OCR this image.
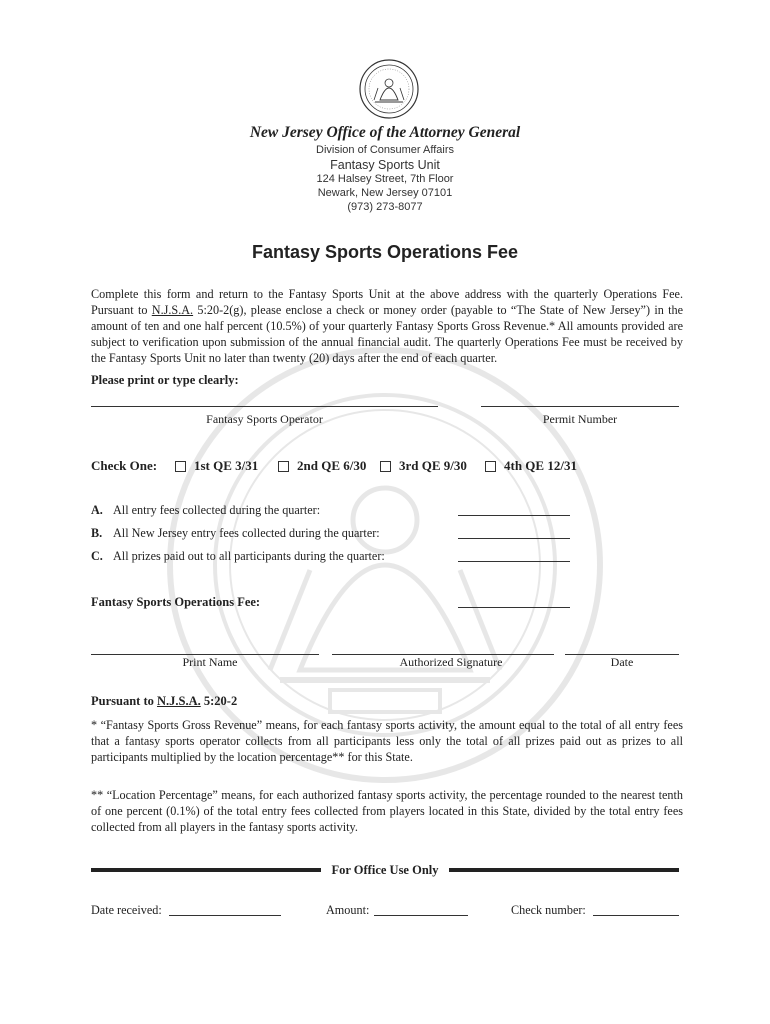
New Jersey Office of the Attorney General
Division of Consumer Affairs
Fantasy Sports Unit
124 Halsey Street, 7th Floor
Newark, New Jersey 07101
(973) 273-8077
Fantasy Sports Operations Fee
Complete this form and return to the Fantasy Sports Unit at the above address with the quarterly Operations Fee. Pursuant to N.J.S.A. 5:20-2(g), please enclose a check or money order (payable to “The State of New Jersey”) in the amount of ten and one half percent (10.5%) of your quarterly Fantasy Sports Gross Revenue.* All amounts provided are subject to verification upon submission of the annual financial audit. The quarterly Operations Fee must be received by the Fantasy Sports Unit no later than twenty (20) days after the end of each quarter.
Please print or type clearly:
Fantasy Sports Operator	Permit Number
Check One:	1st QE 3/31	2nd QE 6/30	3rd QE 9/30	4th QE 12/31
A. All entry fees collected during the quarter:
B. All New Jersey entry fees collected during the quarter:
C. All prizes paid out to all participants during the quarter:
Fantasy Sports Operations Fee:
Print Name	Authorized Signature	Date
Pursuant to N.J.S.A. 5:20-2
* “Fantasy Sports Gross Revenue” means, for each fantasy sports activity, the amount equal to the total of all entry fees that a fantasy sports operator collects from all participants less only the total of all prizes paid out as prizes to all participants multiplied by the location percentage** for this State.
** “Location Percentage” means, for each authorized fantasy sports activity, the percentage rounded to the nearest tenth of one percent (0.1%) of the total entry fees collected from players located in this State, divided by the total entry fees collected from all players in the fantasy sports activity.
For Office Use Only
Date received:	Amount:	Check number:
